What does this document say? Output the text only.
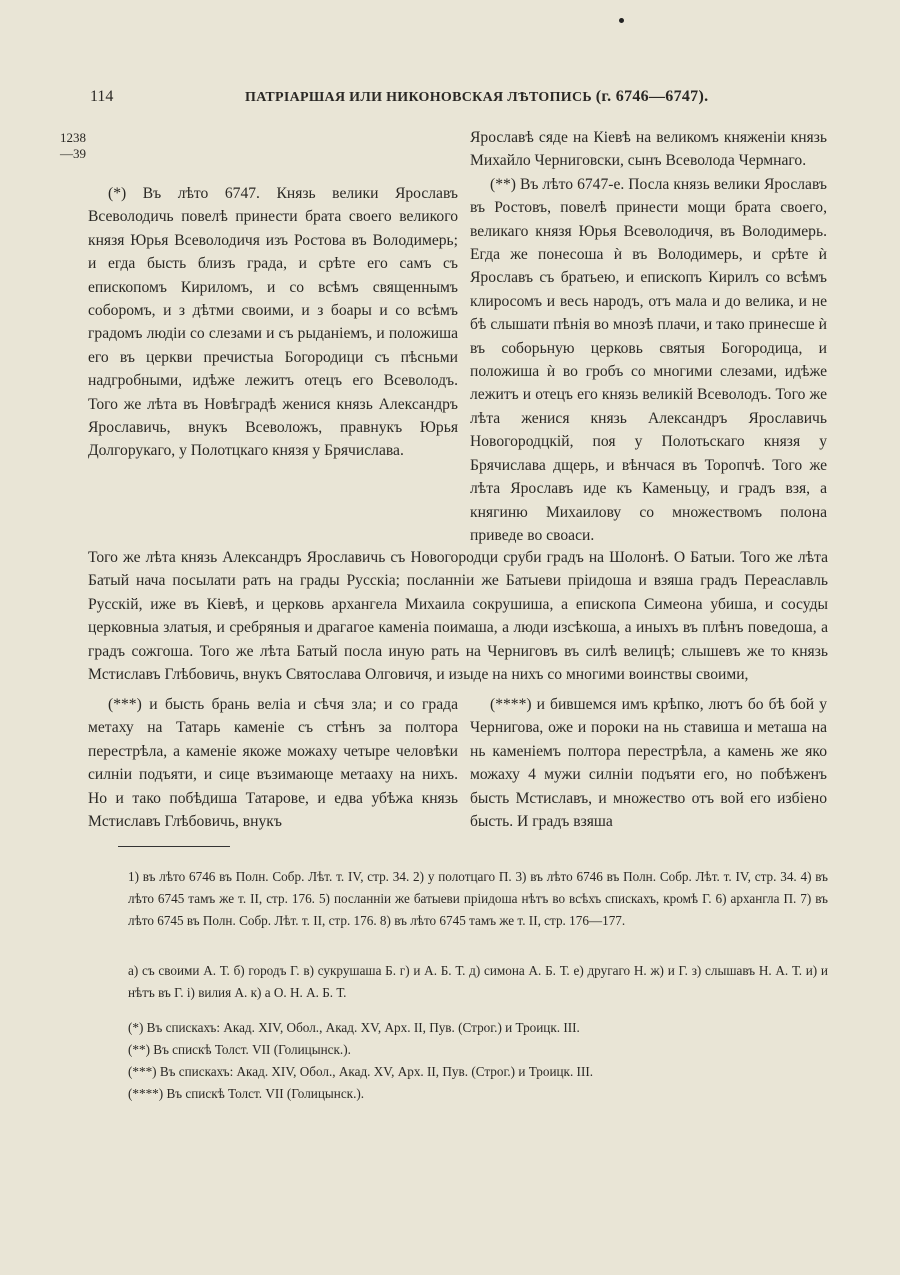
114	ПАТРІАРШАЯ ИЛИ НИКОНОВСКАЯ ЛѢТОПИСЬ (г. 6746—6747).
1238
—39

(*) Въ лѣто 6747. Князь велики Ярославъ Всеволодичь повелѣ принести брата своего великого князя Юрья Всеволодичя изъ Ростова въ Володимерь; и егда бысть близъ града, и срѣте его самъ съ епископомъ Кириломъ, и со всѣмъ священнымъ соборомъ, и з дѣтми своими, и з боары и со всѣмъ градомъ людіи со слезами и съ рыданіемъ, и положиша его въ церкви пречистыа Богородици съ пѣсньми надгробными, идѣже лежитъ отецъ его Всеволодъ. Того же лѣта въ Новѣградѣ женися князь Александръ Ярославичь, внукъ Всеволожъ, правнукъ Юрья Долгорукаго, у Полотцкаго князя у Брячислава.

Ярославѣ сяде на Кіевѣ на великомъ княженіи князь Михайло Черниговски, сынъ Всеволода Чермнаго.

(**) Въ лѣто 6747-е. Посла князь велики Ярославъ въ Ростовъ, повелѣ принести мощи брата своего, великаго князя Юрья Всеволодичя, въ Володимерь. Егда же понесоша ѝ въ Володимерь, и срѣте ѝ Ярославъ съ братьею, и епископъ Кирилъ со всѣмъ клиросомъ и весь народъ, отъ мала и до велика, и не бѣ слышати пѣнія во мнозѣ плачи, и тако принесше ѝ въ соборьную церковь святыя Богородица, и положиша ѝ во гробъ со многими слезами, идѣже лежитъ и отецъ его князь великій Всеволодъ. Того же лѣта женися князь Александръ Ярославичь Новогородцкій, поя у Полотьскаго князя у Брячислава дщерь, и вѣнчася въ Торопчѣ. Того же лѣта Ярославъ иде къ Каменьцу, и градъ взя, а княгиню Михаилову со множествомъ полона приведе во своаси.

Того же лѣта князь Александръ Ярославичь съ Новогородци сруби градъ на Шолонѣ. О Батыи. Того же лѣта Батый нача посылати рать на грады Русскіа; посланніи же Батыеви пріидоша и взяша градъ Переаславль Русскій, иже въ Кіевѣ, и церковь архангела Михаила сокрушиша, а епископа Симеона убиша, и сосуды церковныа златыя, и сребряныя и драгагое каменіа поимаша, а люди изсѣкоша, а иныхъ въ плѣнъ поведоша, а градъ сожгоша. Того же лѣта Батый посла иную рать на Черниговъ въ силѣ велицѣ; слышевъ же то князь Мстиславъ Глѣбовичь, внукъ Святослава Олговичя, и изыде на нихъ со многими воинствы своими,

(***) и бысть брань веліа и сѣчя зла; и со града метаху на Татарь каменіе съ стѣнъ за полтора перестрѣла, а каменіе якоже можаху четыре человѣки силніи подъяти, и сице възимающе метааху на нихъ. Но и тако побѣдиша Татарове, и едва убѣжа князь Мстиславъ Глѣбовичь, внукъ

(****) и бившемся имъ крѣпко, лютъ бо бѣ бой у Чернигова, оже и пороки на нь ставиша и меташа на нь каменіемъ полтора перестрѣла, а камень же яко можаху 4 мужи силніи подъяти его, но побѣженъ бысть Мстиславъ, и множество отъ вой его избіено бысть. И градъ взяша

1) въ лѣто 6746 въ Полн. Собр. Лѣт. т. IV, стр. 34. 2) у полотцаго П. 3) въ лѣто 6746 въ Полн. Собр. Лѣт. т. IV, стр. 34. 4) въ лѣто 6745 тамъ же т. II, стр. 176. 5) посланніи же батыеви пріидоша нѣтъ во всѣхъ спискахъ, кромѣ Г. 6) архангла П. 7) въ лѣто 6745 въ Полн. Собр. Лѣт. т. II, стр. 176. 8) въ лѣто 6745 тамъ же т. II, стр. 176—177.
а) съ своими А. Т. б) городъ Г. в) сукрушаша Б. г) и А. Б. Т. д) симона А. Б. Т. е) другаго Н. ж) и Г. з) слышавъ Н. А. Т. и) и нѣтъ въ Г. і) вилия А. к) а О. Н. А. Б. Т.
(*) Въ спискахъ: Акад. XIV, Обол., Акад. XV, Арх. II, Пув. (Строг.) и Троицк. III.
(**) Въ спискѣ Толст. VII (Голицынск.).
(***) Въ спискахъ: Акад. XIV, Обол., Акад. XV, Арх. II, Пув. (Строг.) и Троицк. III.
(****) Въ спискѣ Толст. VII (Голицынск.).
